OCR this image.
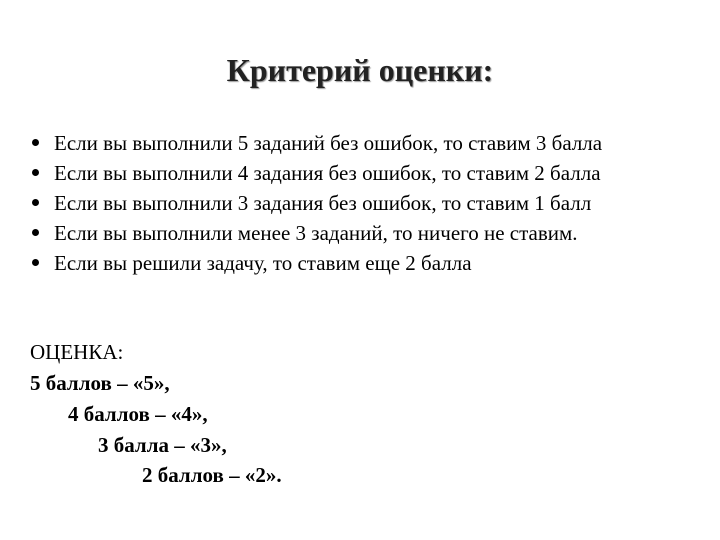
Критерий оценки:
Если вы выполнили 5 заданий без ошибок, то ставим 3 балла
Если вы выполнили 4 задания без ошибок, то ставим 2 балла
Если вы выполнили 3 задания без ошибок, то ставим 1 балл
Если вы выполнили менее 3 заданий, то ничего не ставим.
Если вы решили задачу, то ставим еще 2 балла
ОЦЕНКА:
5 баллов – «5»,
4 баллов – «4»,
3 балла – «3»,
2 баллов – «2».
